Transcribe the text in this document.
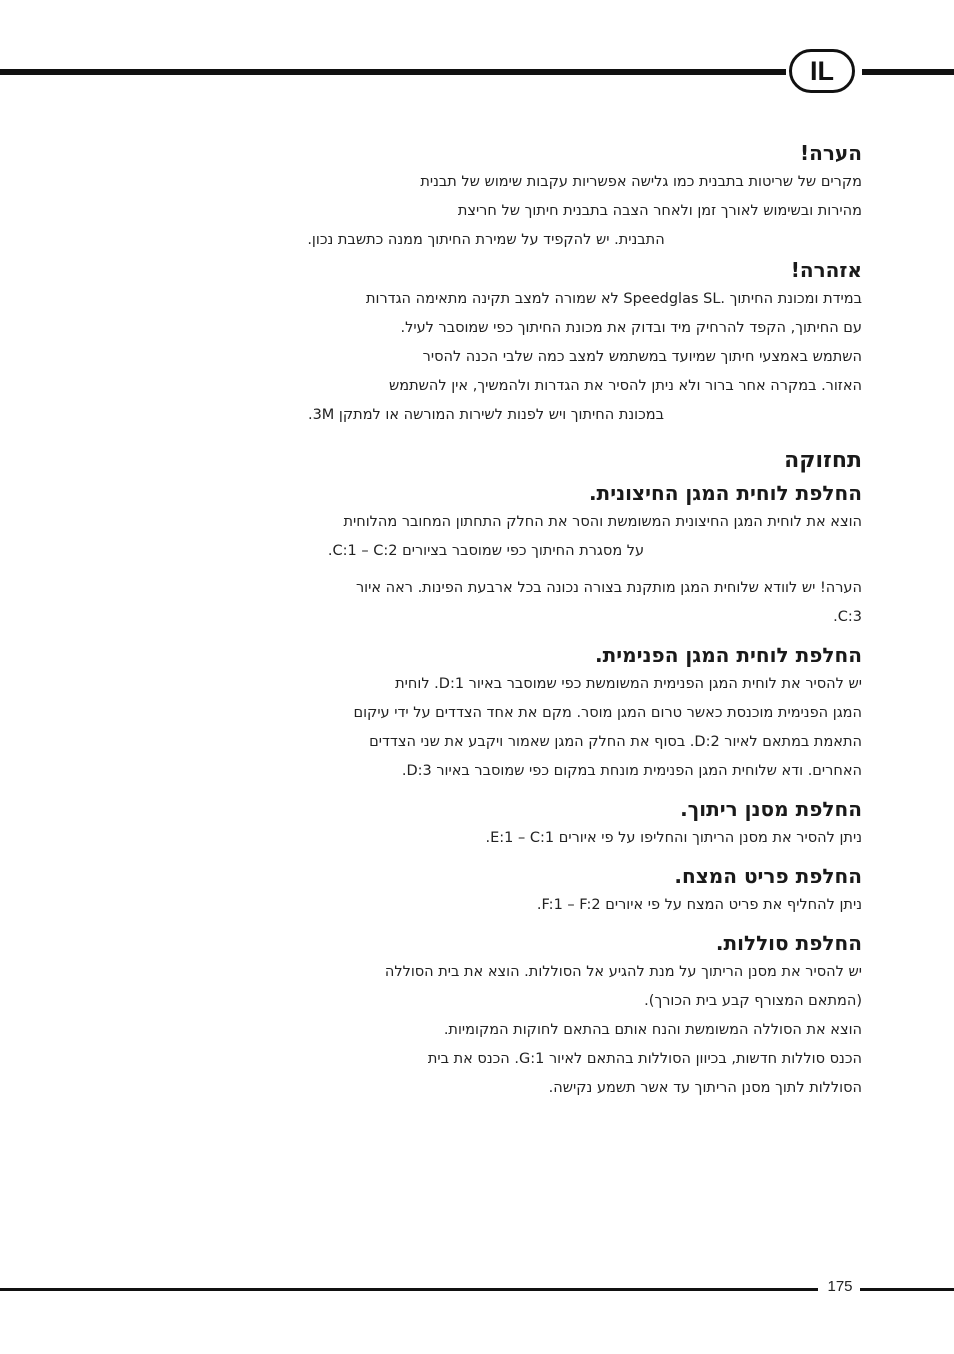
IL

הערה!

מקרים של שריטות בתבנית כמו גלישה אפשריות עקבות שימוש של תבנית

מהירות ובשימוש לאורך זמן ולאחר הצבה בתבנית חיתוך של חריצת

התבנית. יש להקפיד על שמירת החיתוך ממנה כתשבת נכון.

אזהרה!

במידת ומכונת החיתוך .Speedglas SL לא שמורה למצב תקינה מתאימה הגדרות

עם החיתוך, הקפד להרחיק מיד ובדוק את מכונת החיתוך כפי שמוסבר לעיל.

השתמש באמצעי חיתוך שמיועד במשתמש למצב כמה שלבי הכנה להסיר

האזור. במקרה אחר ברור ולא ניתן להסיר את הגדרות ולהמשיך, אין להשתמש

במכונת החיתוך ויש לפנות לשירות המורשה או למתקן 3M.

תחזוקה

החלפת לוחית המגן החיצונית.

הוצא את לוחית המגן החיצונית המשומשת והסר את החלק התחתון המחובר מהלוחית

על מסגרת החיתוך כפי שמוסבר בציורים C:1 – C:2.

הערה! יש לוודא שלוחית המגן מותקנת בצורה נכונה בכל ארבעת הפינות. ראה איור

C:3.

החלפת לוחית המגן הפנימית.

יש להסיר את לוחית המגן הפנימית המשומשת כפי שמוסבר באיור D:1. לוחית

המגן הפנימית מוכנסת כאשר טרום המגן מוסר. מקם את אחד הצדדים על ידי עיקום

התאמת במתאם לאיור D:2. בסוף את החלק המגן שאמור ויקבע את שני הצדדים

האחרים. ודא שלוחית המגן הפנימית מונחת במקום כפי שמוסבר באיור D:3.

החלפת מסנן ריתוך.

ניתן להסיר את מסנן הריתוך והחליפו על פי איורים E:1 – C:1.

החלפת פריט המצח.

ניתן להחליף את פריט המצח על פי איורים F:1 – F:2.

החלפת סוללות.

יש להסיר את מסנן הריתוך על מנת להגיע אל הסוללות. הוצא את בית הסוללה

(המתאם המצורף קבע בית הכורך).

הוצא את הסוללה המשומשת והנח אותם בהתאם לחוקות המקומיות.

הכנס סוללות חדשות, בכיוון הסוללות בהתאם לאיור G:1. הכנס את בית

הסוללות לתוך מסנן הריתוך עד אשר תשמע נקישה.

175
